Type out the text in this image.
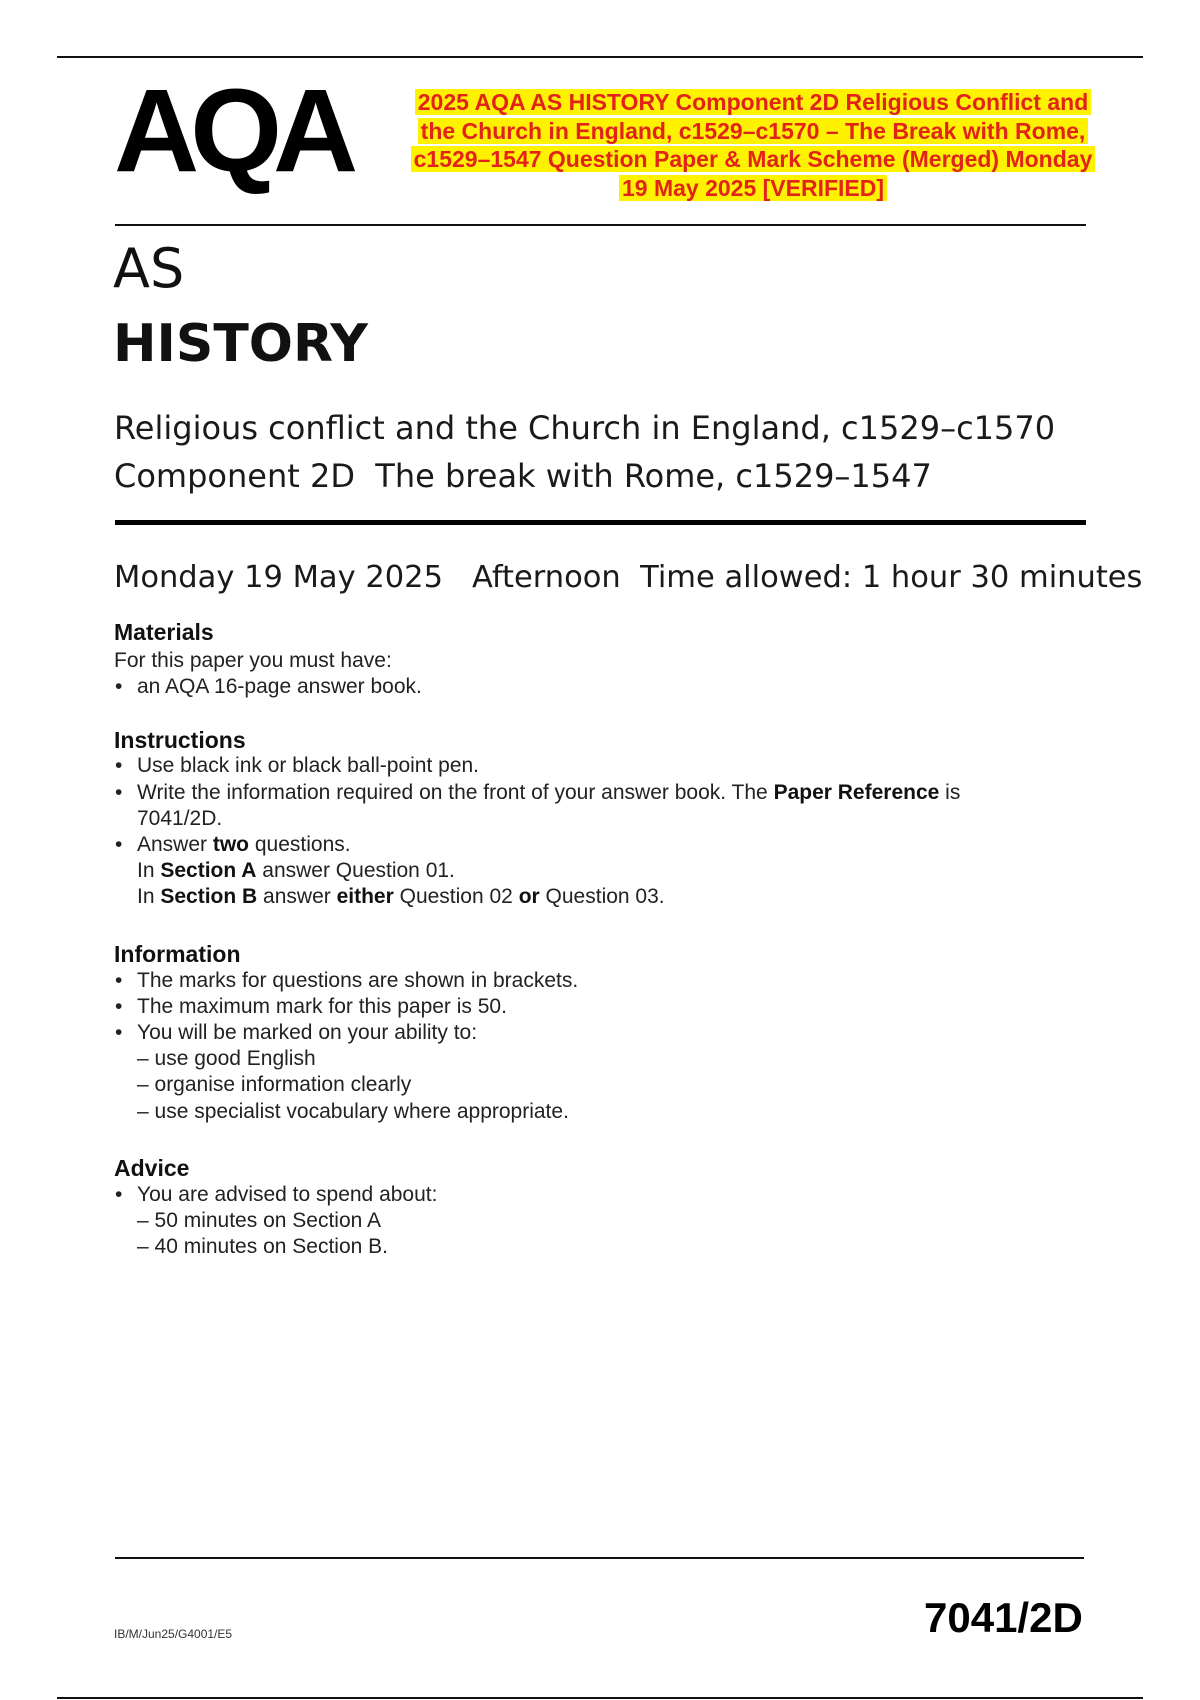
AQA	2025 AQA AS HISTORY Component 2D Religious Conflict and
the Church in England, c1529–c1570 – The Break with Rome,
c1529–1547 Question Paper & Mark Scheme (Merged) Monday
19 May 2025 [VERIFIED]
AS
HISTORY
Religious conflict and the Church in England, c1529–c1570
Component 2D  The break with Rome, c1529–1547
Monday 19 May 2025   Afternoon  Time allowed: 1 hour 30 minutes
Materials
For this paper you must have:
• an AQA 16-page answer book.
Instructions
• Use black ink or black ball-point pen.
• Write the information required on the front of your answer book. The Paper Reference is
7041/2D.
• Answer two questions.
In Section A answer Question 01.
In Section B answer either Question 02 or Question 03.
Information
• The marks for questions are shown in brackets.
• The maximum mark for this paper is 50.
• You will be marked on your ability to:
– use good English
– organise information clearly
– use specialist vocabulary where appropriate.
Advice
• You are advised to spend about:
– 50 minutes on Section A
– 40 minutes on Section B.
IB/M/Jun25/G4001/E5	7041/2D
